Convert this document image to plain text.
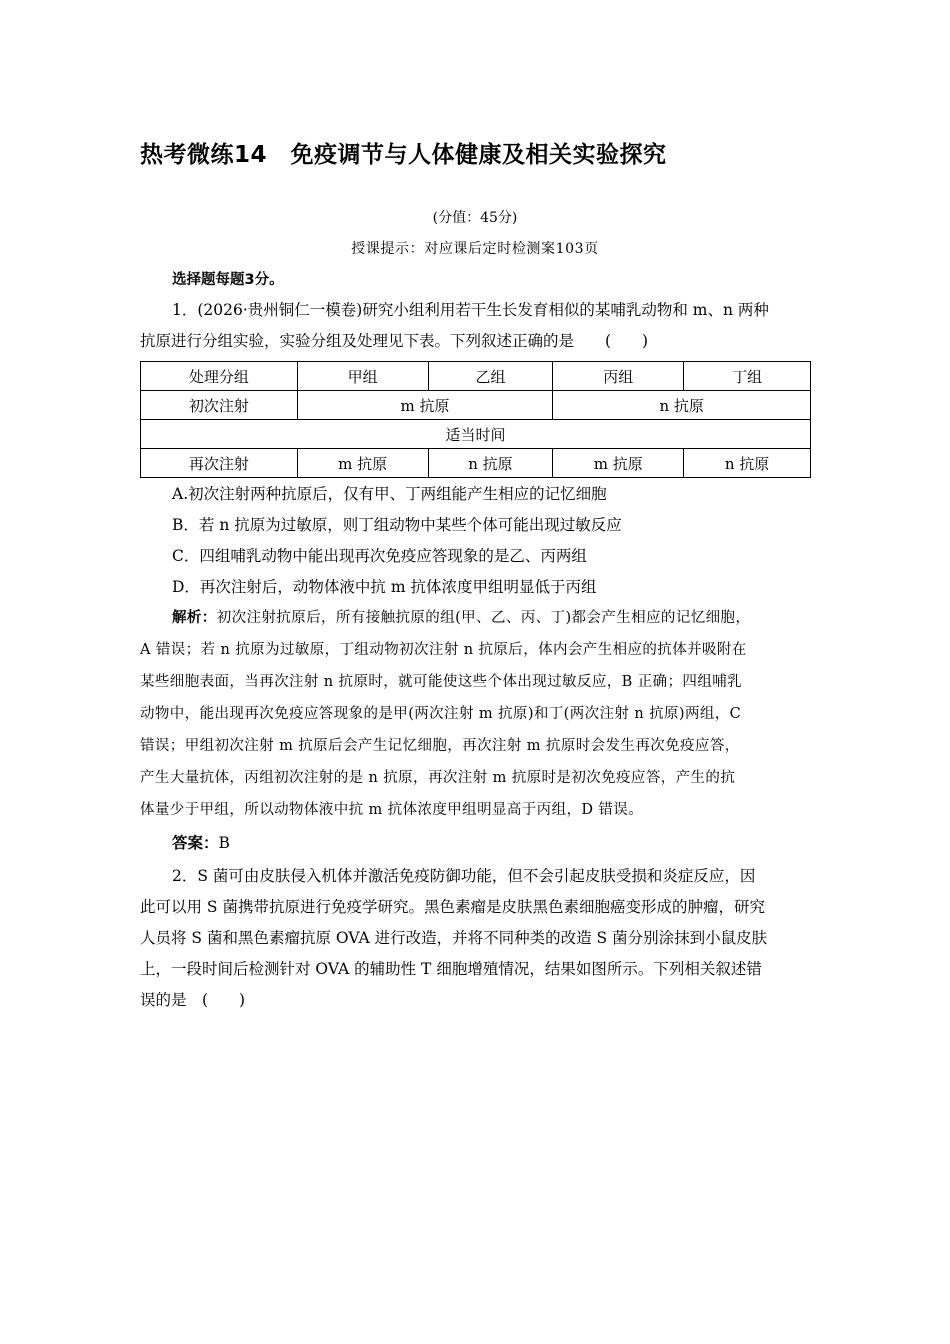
热考微练14　免疫调节与人体健康及相关实验探究
(分值：45分)
授课提示：对应课后定时检测案103页
选择题每题3分。
1．(2026·贵州铜仁一模卷)研究小组利用若干生长发育相似的某哺乳动物和 m、n 两种
抗原进行分组实验，实验分组及处理见下表。下列叙述正确的是　　(　　)
处理分组	甲组	乙组	丙组	丁组
初次注射	m 抗原		n 抗原	
适当时间				
再次注射	m 抗原	n 抗原	m 抗原	n 抗原
A.初次注射两种抗原后，仅有甲、丁两组能产生相应的记忆细胞
B．若 n 抗原为过敏原，则丁组动物中某些个体可能出现过敏反应
C．四组哺乳动物中能出现再次免疫应答现象的是乙、丙两组
D．再次注射后，动物体液中抗 m 抗体浓度甲组明显低于丙组
解析：初次注射抗原后，所有接触抗原的组(甲、乙、丙、丁)都会产生相应的记忆细胞，
A 错误；若 n 抗原为过敏原，丁组动物初次注射 n 抗原后，体内会产生相应的抗体并吸附在
某些细胞表面，当再次注射 n 抗原时，就可能使这些个体出现过敏反应，B 正确；四组哺乳
动物中，能出现再次免疫应答现象的是甲(两次注射 m 抗原)和丁(两次注射 n 抗原)两组，C
错误；甲组初次注射 m 抗原后会产生记忆细胞，再次注射 m 抗原时会发生再次免疫应答，
产生大量抗体，丙组初次注射的是 n 抗原，再次注射 m 抗原时是初次免疫应答，产生的抗
体量少于甲组，所以动物体液中抗 m 抗体浓度甲组明显高于丙组，D 错误。
答案：B
2．S 菌可由皮肤侵入机体并激活免疫防御功能，但不会引起皮肤受损和炎症反应，因
此可以用 S 菌携带抗原进行免疫学研究。黑色素瘤是皮肤黑色素细胞癌变形成的肿瘤，研究
人员将 S 菌和黑色素瘤抗原 OVA 进行改造，并将不同种类的改造 S 菌分别涂抹到小鼠皮肤
上，一段时间后检测针对 OVA 的辅助性 T 细胞增殖情况，结果如图所示。下列相关叙述错
误的是　(　　)
